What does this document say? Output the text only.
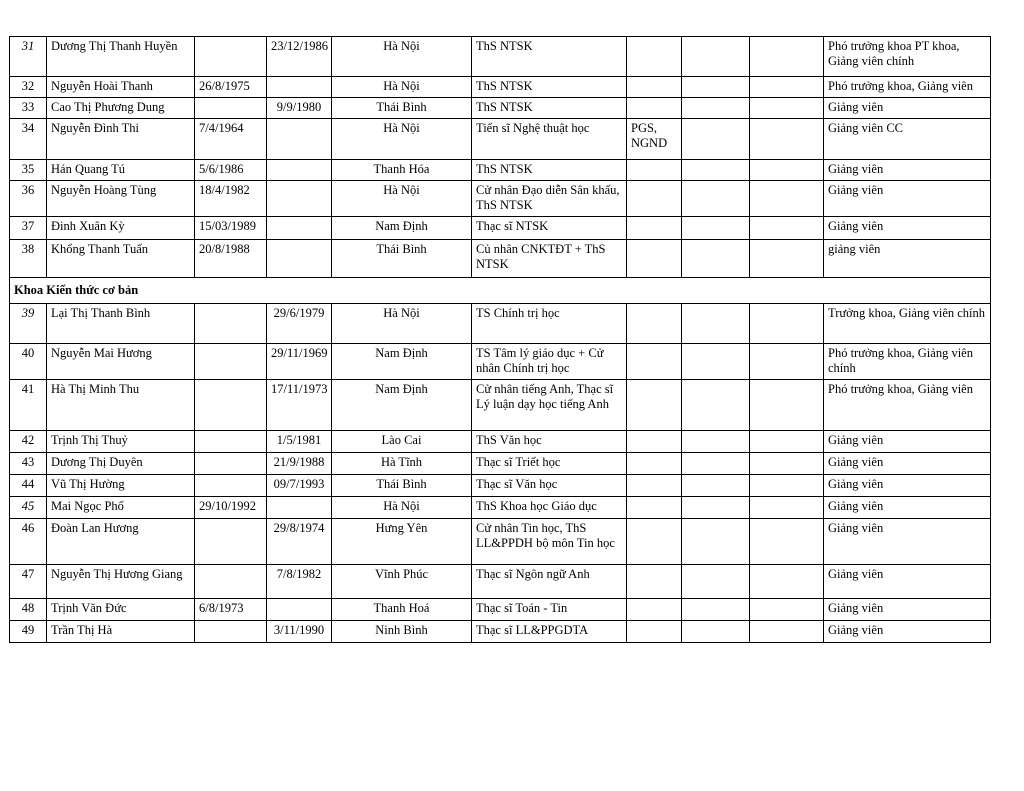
31	Dương Thị Thanh Huyền		23/12/1986	Hà Nội	ThS NTSK				Phó trưởng khoa PT khoa, Giảng viên chính
32	Nguyễn Hoài Thanh	26/8/1975		Hà Nội	ThS NTSK				Phó trưởng khoa, Giảng viên
33	Cao Thị Phương Dung		9/9/1980	Thái Bình	ThS NTSK				Giảng viên
34	Nguyễn Đình Thi	7/4/1964		Hà Nội	Tiến sĩ Nghệ thuật học	PGS, NGND			Giảng viên CC
35	Hán Quang Tú	5/6/1986		Thanh Hóa	ThS NTSK				Giảng viên
36	Nguyễn Hoàng Tùng	18/4/1982		Hà Nội	Cử nhân Đạo diễn Sân khấu, ThS NTSK				Giảng viên
37	Đinh Xuân Kỳ	15/03/1989		Nam Định	Thạc sĩ NTSK				Giảng viên
38	Khổng Thanh Tuấn	20/8/1988		Thái Bình	Củ nhân CNKTĐT + ThS NTSK				giảng viên
Khoa Kiến thức cơ bản									
39	Lại Thị Thanh Bình		29/6/1979	Hà Nội	TS Chính trị học				Trưởng khoa, Giảng viên chính
40	Nguyễn Mai Hương		29/11/1969	Nam Định	TS Tâm lý giáo dục + Cử nhân Chính trị học				Phó trưởng khoa, Giảng viên chính
41	Hà Thị Minh Thu		17/11/1973	Nam Định	Cử nhân tiếng Anh, Thạc sĩ Lý luận dạy học tiếng Anh				Phó trưởng khoa, Giảng viên
42	Trịnh Thị Thuỷ		1/5/1981	Lào Cai	ThS Văn học				Giảng viên
43	Dương Thị Duyên		21/9/1988	Hà Tĩnh	Thạc sĩ Triết học				Giảng viên
44	Vũ Thị Hường		09/7/1993	Thái Bình	Thạc sĩ Văn học				Giảng viên
45	Mai Ngọc Phố	29/10/1992		Hà Nội	ThS Khoa học Giáo dục				Giảng viên
46	Đoàn Lan Hương		29/8/1974	Hưng Yên	Cử nhân Tin học, ThS LL&PPDH bộ môn Tin học				Giảng viên
47	Nguyễn Thị Hương Giang		7/8/1982	Vĩnh Phúc	Thạc sĩ Ngôn ngữ Anh				Giảng viên
48	Trịnh Văn Đức	6/8/1973		Thanh Hoá	Thạc sĩ Toán - Tin				Giảng viên
49	Trần Thị Hà		3/11/1990	Ninh Bình	Thạc sĩ LL&PPGDTA				Giảng viên
